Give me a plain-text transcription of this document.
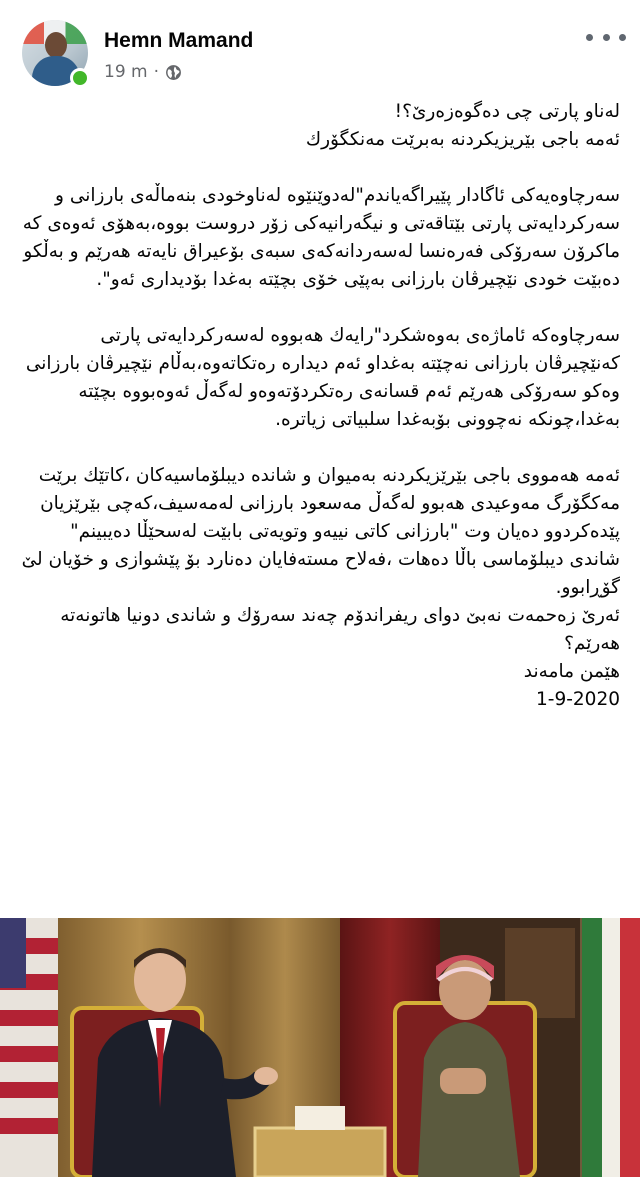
Hemn Mamand
19 m ·

لەناو پارتی چی دەگوەزەرێ؟!

ئەمە باجی بێریزیکردنە بەبرێت مەنکگۆرك

سەرچاوەیەکی ئاگادار پێیراگەیاندم"لەدوێنێوە لەناوخودی بنەماڵەی بارزانی و سەرکردایەتی پارتی بێتاقەتی و نیگەرانیەکی زۆر دروست بووە،بەهۆی ئەوەی کە ماکرۆن سەرۆکی فەرەنسا لەسەردانەکەی سبەی بۆعیراق نایەتە هەرێم و بەڵکو دەبێت خودی نێچیرڤان بارزانی بەپێی خۆی بچێتە بەغدا بۆدیداری ئەو".

سەرچاوەکە ئاماژەی بەوەشکرد"رایەك هەبووە لەسەرکردایەتی پارتی کەنێچیرڤان بارزانی نەچێتە بەغداو ئەم دیدارە رەتکاتەوە،بەڵام نێچیرڤان بارزانی وەکو سەرۆکی هەرێم ئەم قسانەی رەتکردۆتەوەو لەگەڵ ئەوەبووە بچێتە بەغدا،چونکە نەچوونی بۆبەغدا سلبیاتی زیاترە.

ئەمە هەمووی باجی بێرێزیکردنە بەمیوان و شاندە دیبلۆماسیەکان ،کاتێك برێت مەکگۆرگ مەوعیدی هەبوو لەگەڵ مەسعود بارزانی لەمەسیف،کەچی بێرێزیان پێدەکردوو دەیان وت "بارزانی کاتی نییەو وتویەتی بابێت لەسحێڵا دەیبینم"

شاندی دیبلۆماسی باڵا دەهات ،فەلاح مستەفایان دەنارد بۆ پێشوازی و خۆیان لێ گۆڕابوو.

ئەرێ زەحمەت نەبێ دوای ریفراندۆم چەند سەرۆك و شاندی دونیا هاتونەتە هەرێم؟

هێمن مامەند

1-9-2020
